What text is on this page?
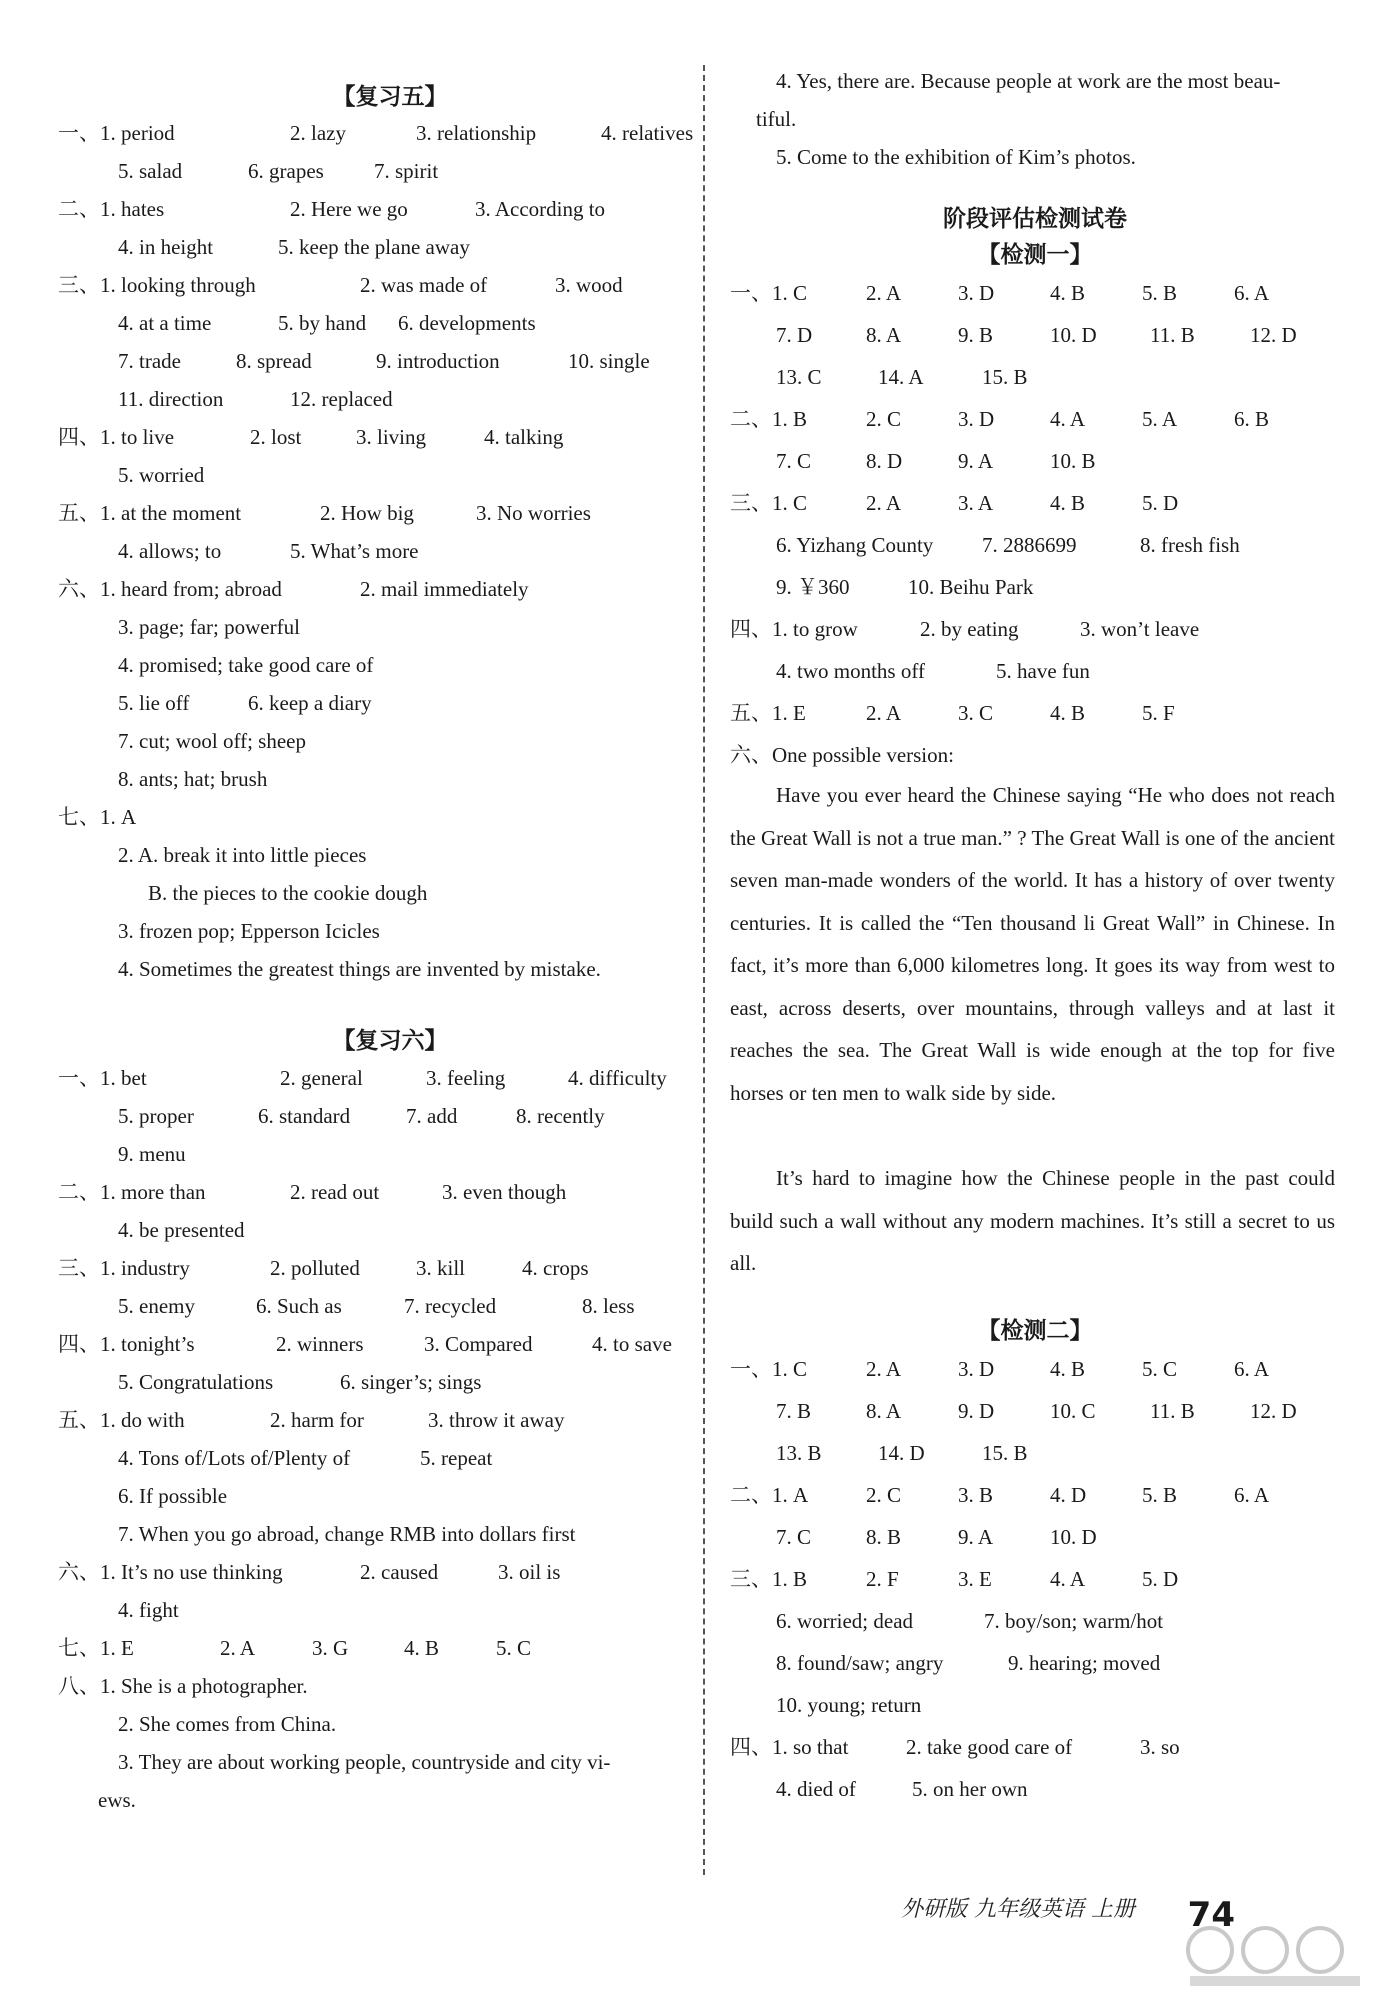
【复习五】
一、1. period	2. lazy	3. relationship	4. relatives
5. salad	6. grapes 7. spirit
二、1. hates	2. Here we go	3. According to
4. in height	5. keep the plane away
三、1. looking through	2. was made of	3. wood
4. at a time	5. by hand 6. developments
7. trade	8. spread	9. introduction	10. single
11. direction	12. replaced
四、1. to live	2. lost	3. living	4. talking
5. worried
五、1. at the moment	2. How big	3. No worries
4. allows; to	5. What’s more
六、1. heard from; abroad	2. mail immediately
3. page; far; powerful
4. promised; take good care of
5. lie off	6. keep a diary
7. cut; wool off; sheep
8. ants; hat; brush
七、1. A
2. A. break it into little pieces
B. the pieces to the cookie dough
3. frozen pop; Epperson Icicles
4. Sometimes the greatest things are invented by mistake.
【复习六】
一、1. bet	2. general	3. feeling	4. difficulty
5. proper	6. standard	7. add	8. recently
9. menu
二、1. more than	2. read out	3. even though
4. be presented
三、1. industry	2. polluted	3. kill	4. crops
5. enemy	6. Such as	7. recycled	8. less
四、1. tonight’s	2. winners	3. Compared	4. to save
5. Congratulations	6. singer’s; sings
五、1. do with	2. harm for	3. throw it away
4. Tons of/Lots of/Plenty of	5. repeat
6. If possible
7. When you go abroad, change RMB into dollars first
六、1. It’s no use thinking	2. caused	3. oil is
4. fight
七、1. E	2. A	3. G	4. B	5. C
八、1. She is a photographer.
2. She comes from China.
3. They are about working people, countryside and city vi-
ews.
4. Yes, there are. Because people at work are the most beau-
tiful.
5. Come to the exhibition of Kim’s photos.
阶段评估检测试卷
【检测一】
一、1. C	2. A	3. D	4. B	5. B	6. A
7. D	8. A	9. B	10. D	11. B	12. D
13. C	14. A	15. B
二、1. B	2. C	3. D	4. A	5. A	6. B
7. C	8. D	9. A	10. B
三、1. C	2. A	3. A	4. B	5. D
6. Yizhang County 7. 2886699	8. fresh fish
9. ￥360	10. Beihu Park
四、1. to grow	2. by eating	3. won’t leave
4. two months off	5. have fun
五、1. E	2. A	3. C	4. B	5. F
六、One possible version:
Have you ever heard the Chinese saying “He who does not reach the Great Wall is not a true man.” ? The Great Wall is one of the ancient seven man-made wonders of the world. It has a history of over twenty centuries. It is called the “Ten thousand li Great Wall” in Chinese. In fact, it’s more than 6,000 kilometres long. It goes its way from west to east, across deserts, over mountains, through valleys and at last it reaches the sea. The Great Wall is wide enough at the top for five horses or ten men to walk side by side.
It’s hard to imagine how the Chinese people in the past could build such a wall without any modern machines. It’s still a secret to us all.
【检测二】
一、1. C	2. A	3. D	4. B	5. C	6. A
7. B	8. A	9. D	10. C	11. B	12. D
13. B	14. D	15. B
二、1. A	2. C	3. B	4. D	5. B	6. A
7. C	8. B	9. A	10. D
三、1. B	2. F	3. E	4. A	5. D
6. worried; dead	7. boy/son; warm/hot
8. found/saw; angry	9. hearing; moved
10. young; return
四、1. so that	2. take good care of	3. so
4. died of	5. on her own
外研版 九年级英语 上册 74
